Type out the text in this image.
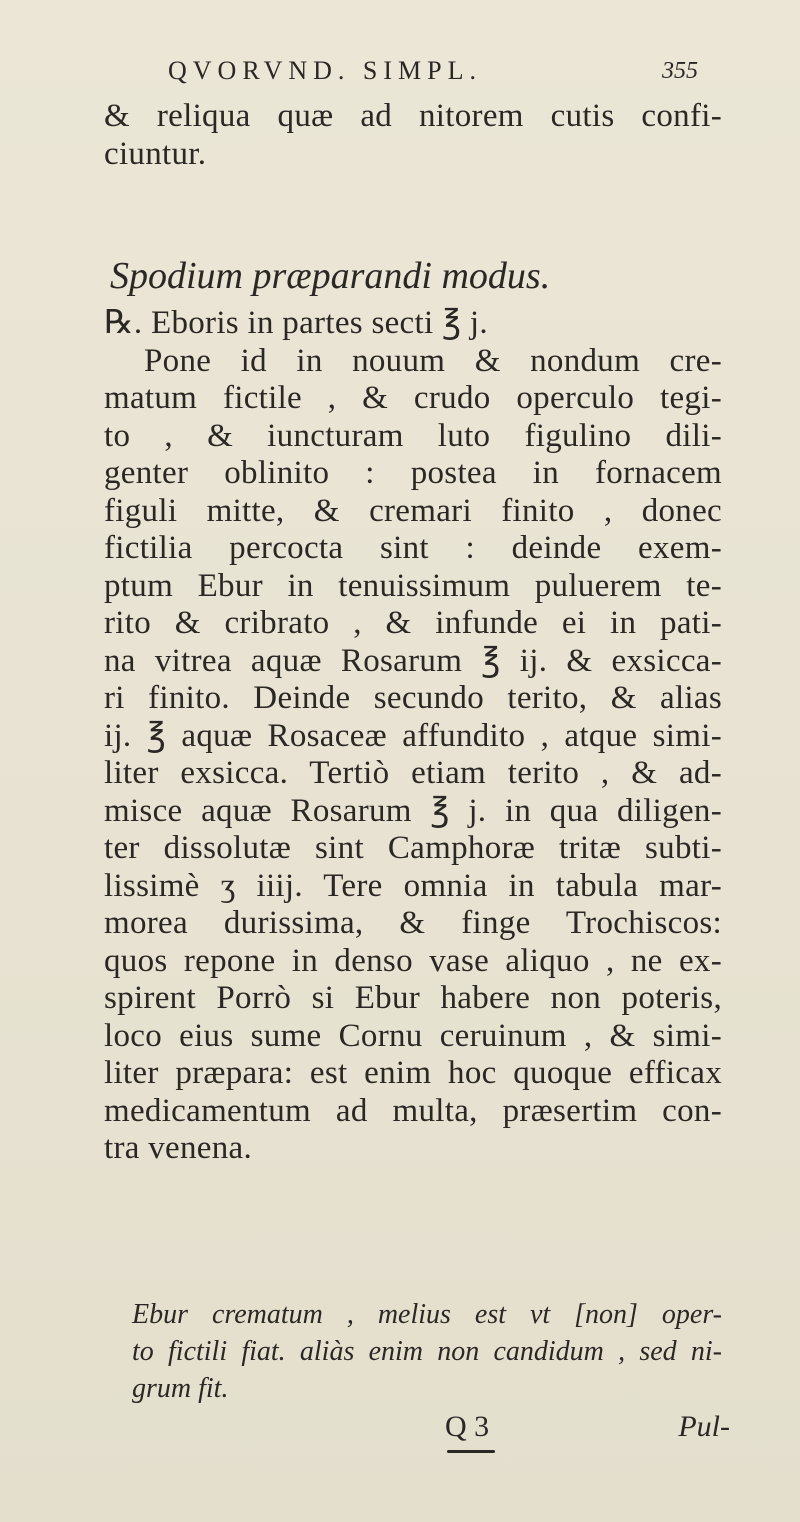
QVORVND. SIMPL.	355
& reliqua quæ ad nitorem cutis confi-
ciuntur.
Spodium præparandi modus.
℞. Eboris in partes secti ℥ j.
Pone id in nouum & nondum cre-
matum fictile , & crudo operculo tegi-
to , & iuncturam luto figulino dili-
genter oblinito : postea in fornacem
figuli mitte, & cremari finito , donec
fictilia percocta sint : deinde exem-
ptum Ebur in tenuissimum puluerem te-
rito & cribrato , & infunde ei in pati-
na vitrea aquæ Rosarum ℥ ij. & exsicca-
ri finito. Deinde secundo terito, & alias
ij. ℥ aquæ Rosaceæ affundito , atque simi-
liter exsicca. Tertiò etiam terito , & ad-
misce aquæ Rosarum ℥ j. in qua diligen-
ter dissolutæ sint Camphoræ tritæ subti-
lissimè ʒ iiij. Tere omnia in tabula mar-
morea durissima, & finge Trochiscos:
quos repone in denso vase aliquo , ne ex-
spirent Porrò si Ebur habere non poteris,
loco eius sume Cornu ceruinum , & simi-
liter præpara: est enim hoc quoque efficax
medicamentum ad multa, præsertim con-
tra venena.
Ebur crematum , melius est vt [non] oper-
to fictili fiat. aliàs enim non candidum , sed ni-
grum fit.
Q 3	Pul-
